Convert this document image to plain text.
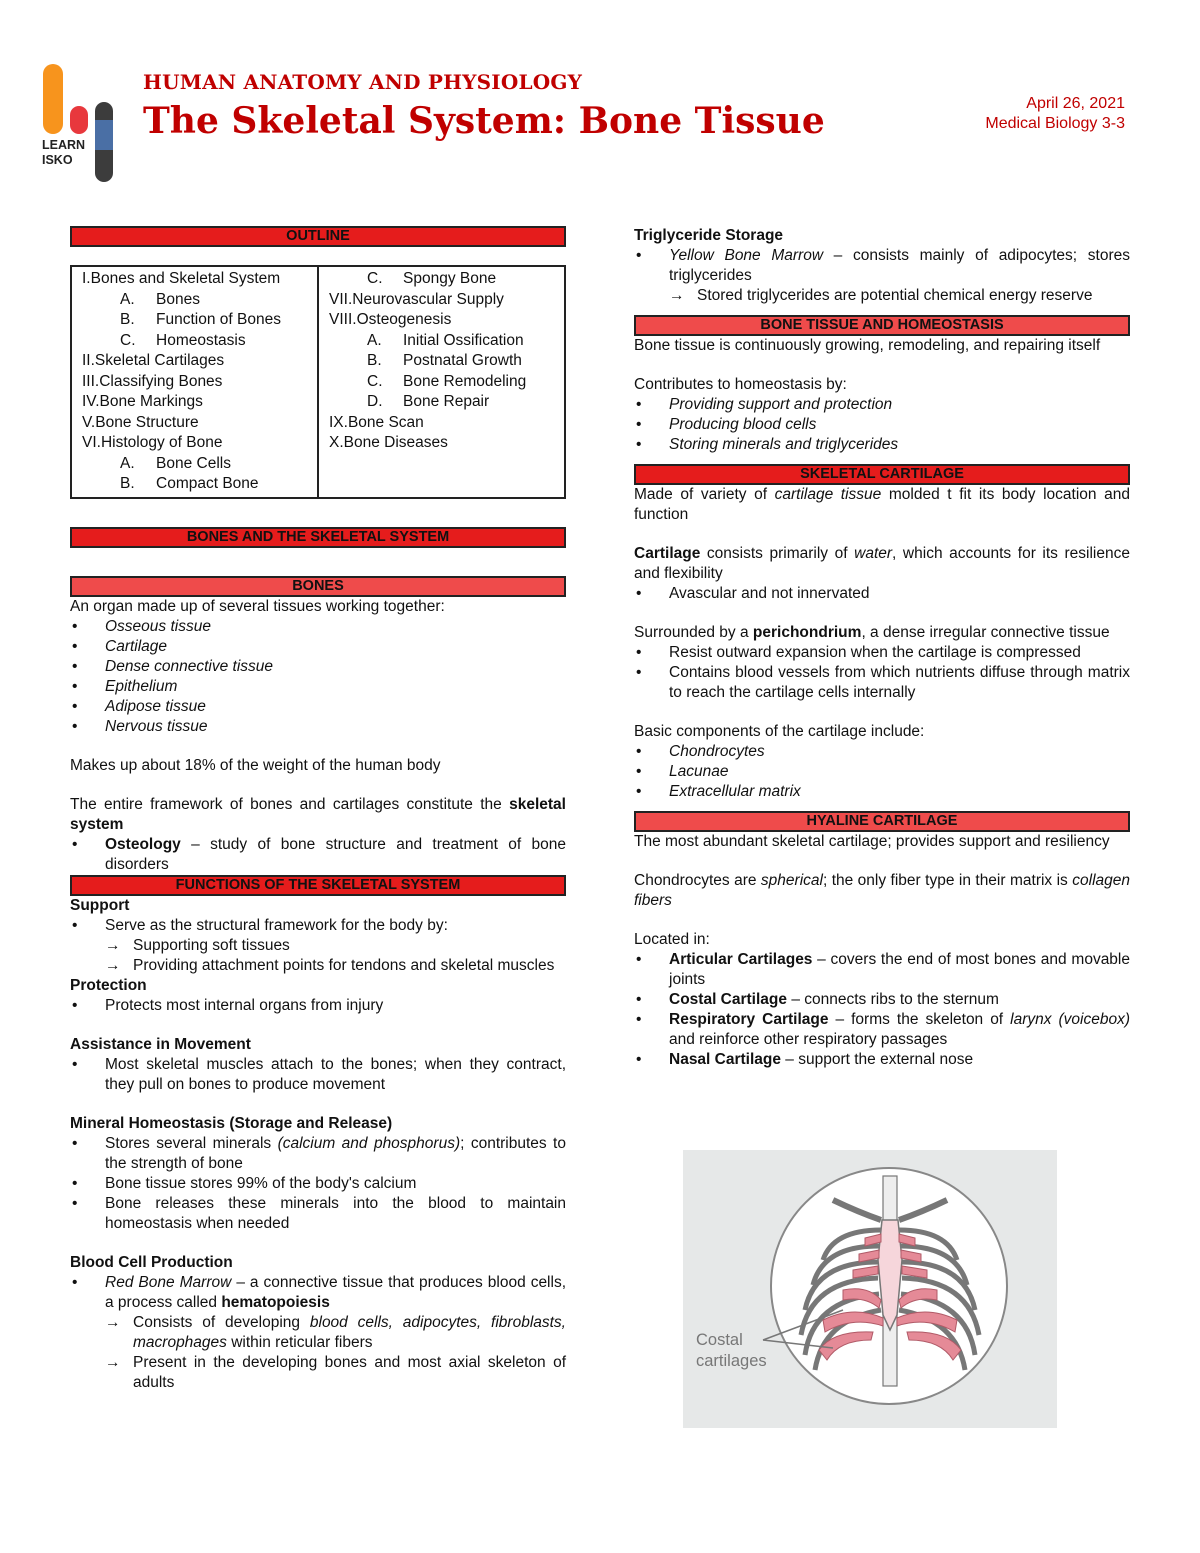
LEARN
ISKO
HUMAN ANATOMY AND PHYSIOLOGY
The Skeletal System: Bone Tissue	April 26, 2021
Medical Biology 3-3
OUTLINE
I.Bones and Skeletal System
A.	Bones
B.	Function of Bones
C.	Homeostasis
II.Skeletal Cartilages
III.Classifying Bones
IV.Bone Markings
V.Bone Structure
VI.Histology of Bone
A.	Bone Cells
B.	Compact Bone
C.	Spongy Bone
VII.Neurovascular Supply
VIII.Osteogenesis
A.	Initial Ossification
B.	Postnatal Growth
C.	Bone Remodeling
D.	Bone Repair
IX.Bone Scan
X.Bone Diseases
BONES AND THE SKELETAL SYSTEM
BONES

An organ made up of several tissues working together:

• Osseous tissue
• Cartilage
• Dense connective tissue
• Epithelium
• Adipose tissue
• Nervous tissue

Makes up about 18% of the weight of the human body

The entire framework of bones and cartilages constitute the skeletal system

• Osteology – study of bone structure and treatment of bone disorders
FUNCTIONS OF THE SKELETAL SYSTEM

Support

• Serve as the structural framework for the body by:
→ Supporting soft tissues
→ Providing attachment points for tendons and skeletal muscles

Protection

• Protects most internal organs from injury

Assistance in Movement

• Most skeletal muscles attach to the bones; when they contract, they pull on bones to produce movement

Mineral Homeostasis (Storage and Release)

• Stores several minerals (calcium and phosphorus); contributes to the strength of bone
• Bone tissue stores 99% of the body's calcium
• Bone releases these minerals into the blood to maintain homeostasis when needed

Blood Cell Production

• Red Bone Marrow – a connective tissue that produces blood cells, a process called hematopoiesis
→ Consists of developing blood cells, adipocytes, fibroblasts, macrophages within reticular fibers
→ Present in the developing bones and most axial skeleton of adults

Triglyceride Storage

• Yellow Bone Marrow – consists mainly of adipocytes; stores triglycerides
→ Stored triglycerides are potential chemical energy reserve
BONE TISSUE AND HOMEOSTASIS

Bone tissue is continuously growing, remodeling, and repairing itself

Contributes to homeostasis by:

• Providing support and protection
• Producing blood cells
• Storing minerals and triglycerides
SKELETAL CARTILAGE

Made of variety of cartilage tissue molded t fit its body location and function

Cartilage consists primarily of water, which accounts for its resilience and flexibility

• Avascular and not innervated

Surrounded by a perichondrium, a dense irregular connective tissue

• Resist outward expansion when the cartilage is compressed
• Contains blood vessels from which nutrients diffuse through matrix to reach the cartilage cells internally

Basic components of the cartilage include:

• Chondrocytes
• Lacunae
• Extracellular matrix
HYALINE CARTILAGE

The most abundant skeletal cartilage; provides support and resiliency

Chondrocytes are spherical; the only fiber type in their matrix is collagen fibers

Located in:

• Articular Cartilages – covers the end of most bones and movable joints
• Costal Cartilage – connects ribs to the sternum
• Respiratory Cartilage – forms the skeleton of larynx (voicebox) and reinforce other respiratory passages
• Nasal Cartilage – support the external nose
Costal
cartilages
